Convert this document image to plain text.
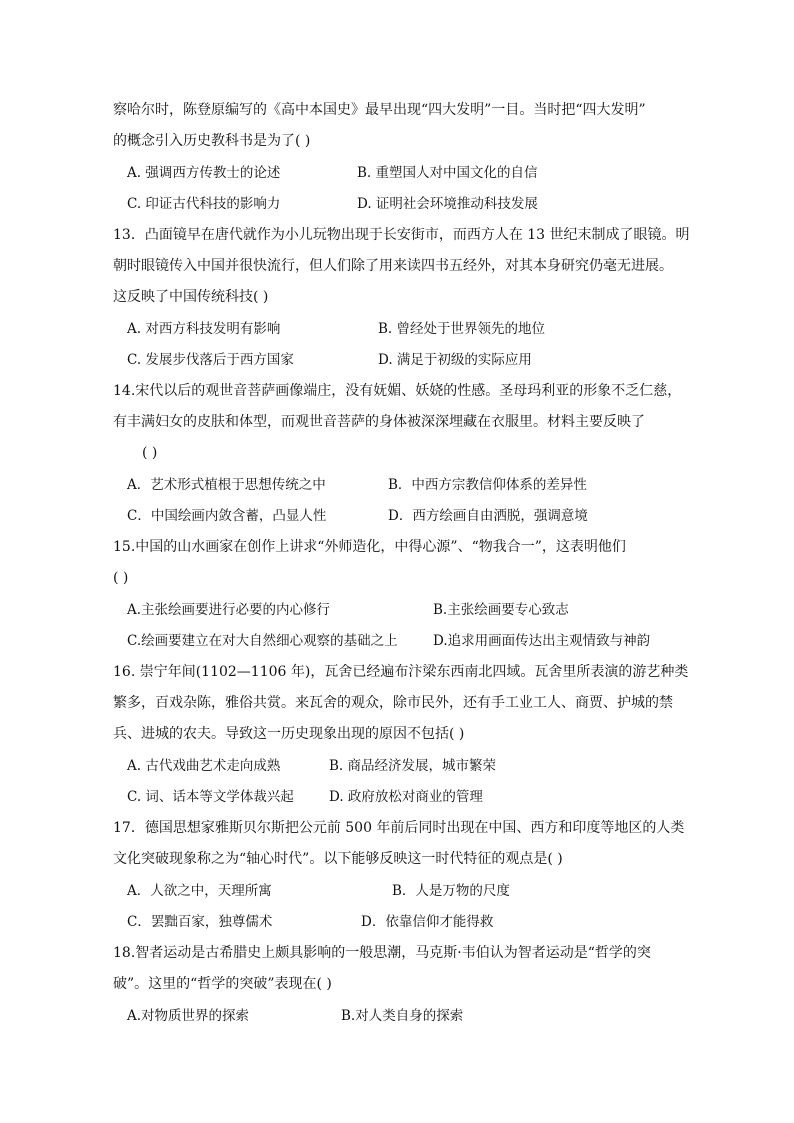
察哈尔时，陈登原编写的《高中本国史》最早出现“四大发明”一目。当时把“四大发明”
的概念引入历史教科书是为了( )
A. 强调西方传教士的论述	B. 重塑国人对中国文化的自信
C. 印证古代科技的影响力	D. 证明社会环境推动科技发展
13．凸面镜早在唐代就作为小儿玩物出现于长安街市，而西方人在 13 世纪末制成了眼镜。明
朝时眼镜传入中国并很快流行，但人们除了用来读四书五经外，对其本身研究仍毫无进展。
这反映了中国传统科技( )
A. 对西方科技发明有影响	B. 曾经处于世界领先的地位
C. 发展步伐落后于西方国家	D. 满足于初级的实际应用
14.宋代以后的观世音菩萨画像端庄，没有妩媚、妖娆的性感。圣母玛利亚的形象不乏仁慈，
有丰满妇女的皮肤和体型，而观世音菩萨的身体被深深埋藏在衣服里。材料主要反映了
( )
A．艺术形式植根于思想传统之中	B．中西方宗教信仰体系的差异性
C．中国绘画内敛含蓄，凸显人性	D．西方绘画自由洒脱，强调意境
15.中国的山水画家在创作上讲求“外师造化，中得心源”、“物我合一”，这表明他们
( )
A.主张绘画要进行必要的内心修行	B.主张绘画要专心致志
C.绘画要建立在对大自然细心观察的基础之上	D.追求用画面传达出主观情致与神韵
16. 崇宁年间(1102—1106 年)，瓦舍已经遍布汴梁东西南北四域。瓦舍里所表演的游艺种类
繁多，百戏杂陈，雅俗共赏。来瓦舍的观众，除市民外，还有手工业工人、商贾、护城的禁
兵、进城的农夫。导致这一历史现象出现的原因不包括( )
A. 古代戏曲艺术走向成熟	B. 商品经济发展，城市繁荣
C. 词、话本等文学体裁兴起	D. 政府放松对商业的管理
17．德国思想家雅斯贝尔斯把公元前 500 年前后同时出现在中国、西方和印度等地区的人类
文化突破现象称之为“轴心时代”。以下能够反映这一时代特征的观点是( )
A．人欲之中，天理所寓	B．人是万物的尺度
C．罢黜百家，独尊儒术	D．依靠信仰才能得救
18.智者运动是古希腊史上颇具影响的一般思潮，马克斯·韦伯认为智者运动是“哲学的突
破”。这里的“哲学的突破”表现在( )
A.对物质世界的探索	B.对人类自身的探索
